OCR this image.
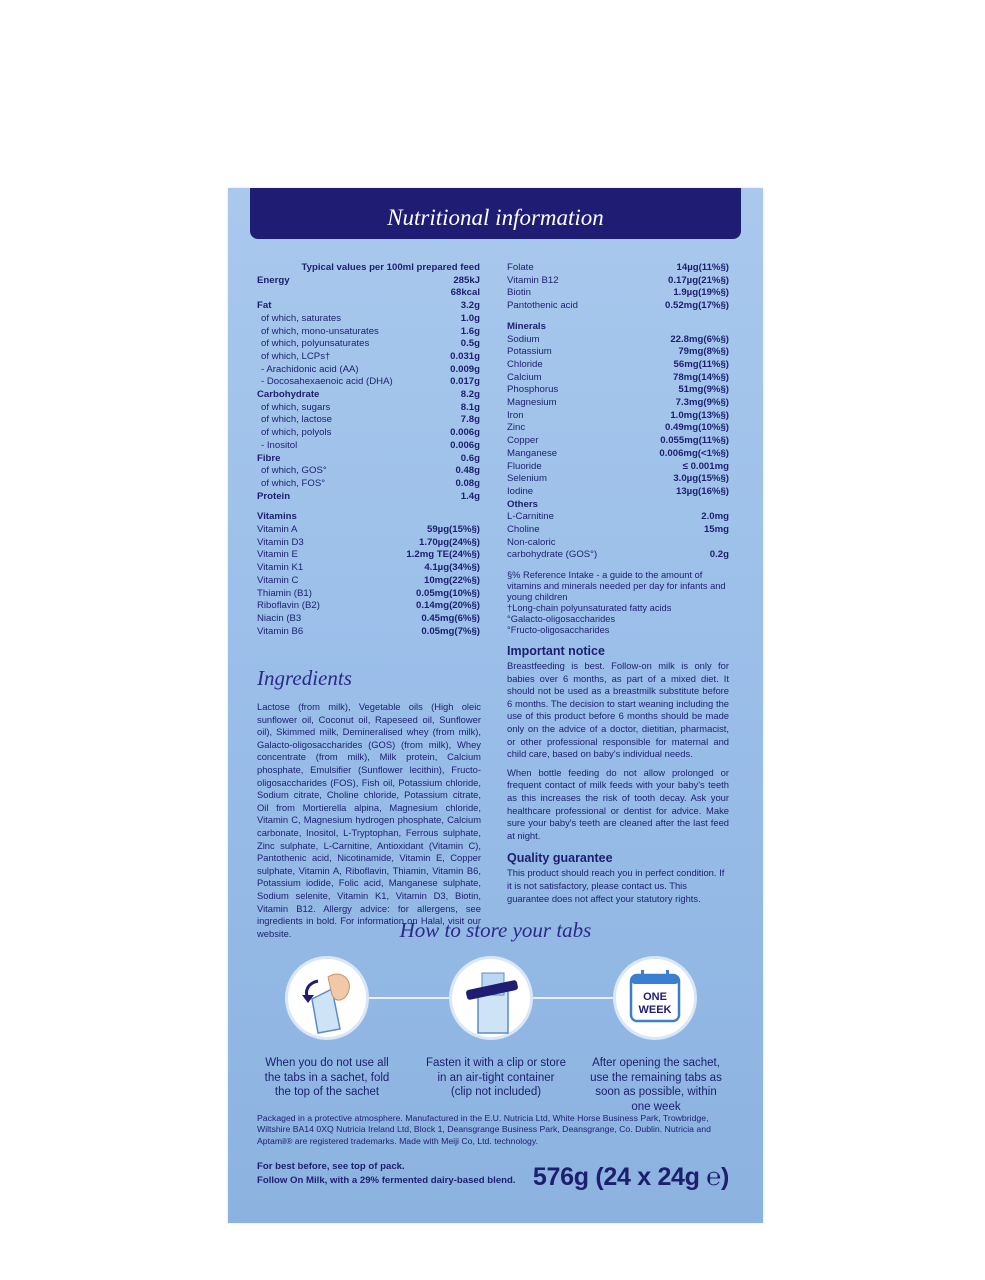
Nutritional information
Typical values per 100ml prepared feed
Energy	285kJ
68kcal
Fat	3.2g
of which, saturates	1.0g
of which, mono-unsaturates	1.6g
of which, polyunsaturates	0.5g
of which, LCPs†	0.031g
- Arachidonic acid (AA)	0.009g
- Docosahexaenoic acid (DHA)	0.017g
Carbohydrate	8.2g
of which, sugars	8.1g
of which, lactose	7.8g
of which, polyols	0.006g
- Inositol	0.006g
Fibre	0.6g
of which, GOS°	0.48g
of which, FOS°	0.08g
Protein	1.4g
Vitamins
Vitamin A	59µg(15%§)
Vitamin D3	1.70µg(24%§)
Vitamin E	1.2mg TE(24%§)
Vitamin K1	4.1µg(34%§)
Vitamin C	10mg(22%§)
Thiamin (B1)	0.05mg(10%§)
Riboflavin (B2)	0.14mg(20%§)
Niacin (B3	0.45mg(6%§)
Vitamin B6	0.05mg(7%§)
Folate	14µg(11%§)
Vitamin B12	0.17µg(21%§)
Biotin	1.9µg(19%§)
Pantothenic acid	0.52mg(17%§)
Minerals
Sodium	22.8mg(6%§)
Potassium	79mg(8%§)
Chloride	56mg(11%§)
Calcium	78mg(14%§)
Phosphorus	51mg(9%§)
Magnesium	7.3mg(9%§)
Iron	1.0mg(13%§)
Zinc	0.49mg(10%§)
Copper	0.055mg(11%§)
Manganese	0.006mg(<1%§)
Fluoride	≤ 0.001mg
Selenium	3.0µg(15%§)
Iodine	13µg(16%§)
Others
L-Carnitine	2.0mg
Choline	15mg
Non-caloric
carbohydrate (GOS°)	0.2g
§% Reference Intake - a guide to the amount of vitamins and minerals needed per day for infants and young children
†Long-chain polyunsaturated fatty acids
°Galacto-oligosaccharides
°Fructo-oligosaccharides
Ingredients
Lactose (from milk), Vegetable oils (High oleic sunflower oil, Coconut oil, Rapeseed oil, Sunflower oil), Skimmed milk, Demineralised whey (from milk), Galacto-oligosaccharides (GOS) (from milk), Whey concentrate (from milk), Milk protein, Calcium phosphate, Emulsifier (Sunflower lecithin), Fructo-oligosaccharides (FOS), Fish oil, Potassium chloride, Sodium citrate, Choline chloride, Potassium citrate, Oil from Mortierella alpina, Magnesium chloride, Vitamin C, Magnesium hydrogen phosphate, Calcium carbonate, Inositol, L-Tryptophan, Ferrous sulphate, Zinc sulphate, L-Carnitine, Antioxidant (Vitamin C), Pantothenic acid, Nicotinamide, Vitamin E, Copper sulphate, Vitamin A, Riboflavin, Thiamin, Vitamin B6, Potassium iodide, Folic acid, Manganese sulphate, Sodium selenite, Vitamin K1, Vitamin D3, Biotin, Vitamin B12. Allergy advice: for allergens, see ingredients in bold. For information on Halal, visit our website.
Important notice
Breastfeeding is best. Follow-on milk is only for babies over 6 months, as part of a mixed diet. It should not be used as a breastmilk substitute before 6 months. The decision to start weaning including the use of this product before 6 months should be made only on the advice of a doctor, dietitian, pharmacist, or other professional responsible for maternal and child care, based on baby's individual needs.
When bottle feeding do not allow prolonged or frequent contact of milk feeds with your baby's teeth as this increases the risk of tooth decay. Ask your healthcare professional or dentist for advice. Make sure your baby's teeth are cleaned after the last feed at night.
Quality guarantee
This product should reach you in perfect condition. If it is not satisfactory, please contact us. This guarantee does not affect your statutory rights.
How to store your tabs
ONE
WEEK
When you do not use all the tabs in a sachet, fold the top of the sachet
Fasten it with a clip or store in an air-tight container (clip not included)
After opening the sachet, use the remaining tabs as soon as possible, within one week
Packaged in a protective atmosphere. Manufactured in the E.U. Nutricia Ltd, White Horse Business Park, Trowbridge, Wiltshire BA14 0XQ Nutricia Ireland Ltd, Block 1, Deansgrange Business Park, Deansgrange, Co. Dublin. Nutricia and Aptamil® are registered trademarks. Made with Meiji Co, Ltd. technology.
For best before, see top of pack.
Follow On Milk, with a 29% fermented dairy-based blend. 576g (24 x 24g ℮)
